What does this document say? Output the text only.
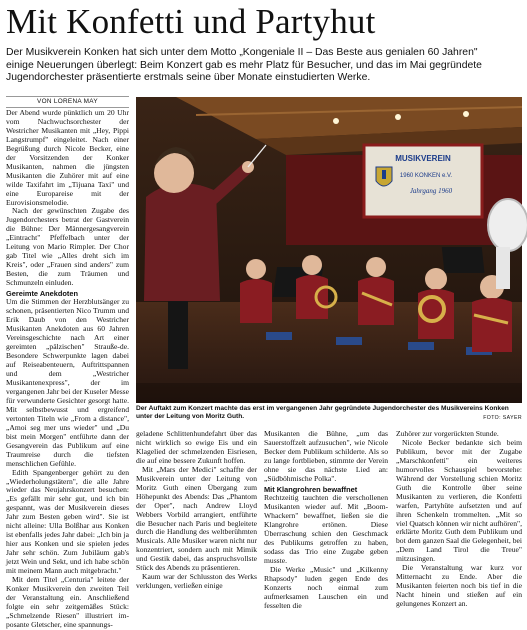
Mit Konfetti und Partyhut
Der Musikverein Konken hat sich unter dem Motto „Kongeniale II – Das Beste aus genialen 60 Jahren"
einige Neuerungen überlegt: Beim Konzert gab es mehr Platz für Besucher, und das im Mai gegründete
Jugendorchester präsentierte erstmals seine über Monate einstudierten Werke.
VON LORENA MAY

Der Abend wurde pünktlich um 20 Uhr vom Nachwuchsorchester der Westricher Musikanten mit „Hey, Pippi Langstrumpf" eingeleitet. Nach einer Begrüßung durch Nicole Becker, eine der Vorsitzenden der Konker Musikanten, nahmen die jüngsten Musikanten die Zuhörer mit auf eine wilde Taxifahrt im „Tijuana Taxi" und eine Europareise mit der Eurovisionsmelodie.

Nach der gewünschten Zugabe des Jugendorchesters betrat der Gastverein die Bühne: Der Männergesangverein „Eintracht" Pfeffelbach unter der Leitung von Mario Rimpler. Der Chor gab Titel wie „Alles dreht sich im Kreis", oder „Frauen sind anders" zum Besten, die zum Träumen und Schmunzeln einluden.

Gereimte Anekdoten

Um die Stimmen der Herzblutsänger zu schonen, präsentierten Nico Trumm und Erik Daub von den Westricher Musikanten Anekdoten aus 60 Jahren Vereinsgeschichte nach Art einer gereimten „pälzischen" Strauße-de. Besondere Schwerpunkte lagen dabei auf Reiseabenteuern, Auftrittspannen und dem „Westricher Musikantenexpress", der im vergangenen Jahr bei der Kuseler Messe für verwunderte Gesichter gesorgt hatte. Mit selbstbewusst und ergreifend vertonten Titeln wie „From a distance", „Amoi seg mer uns wieder" und „Du bist mein Morgen" entführte dann der Gesangverein das Publikum auf eine Traumreise durch die tiefsten menschlichen Gefühle.

Edith Spangenberger gehört zu den „Wiederholungstätern", die alle Jahre wieder das Neujahrskonzert besuchen: „Es gefällt mir sehr gut, und ich bin gespannt, was der Musikverein dieses Jahr zum Besten geben wird". Sie ist nicht alleine: Ulla Bolßhar aus Konken ist ebenfalls jedes Jahr dabei: „Ich bin ja hier aus Konken und sie spielen jedes Jahr sehr schön. Zum Jubiläum gab's jetzt Wein und Sekt, und ich habe schön mit meinem Mann auch mitgebracht."

Mit dem Titel „Centuria" leitete der Konker Musikverein den zweiten Teil der Veranstaltung ein. Anschließend folgte ein sehr zeitgemäßes Stück: „Schmelzende Riesen" illustriert im-posante Gletscher, eine spannungs-

geladene Schlittenhundefahrt über das nicht wirklich so ewige Eis und ein Klagelied der schmelzenden Eisriesen, die auf eine bessere Zukunft hoffen.

Mit „Mars der Medici" schaffte der Musikverein unter der Leitung von Moritz Guth einen Übergang zum Höhepunkt des Abends: Das „Phantom der Oper", nach Andrew Lloyd Webbers Vorbild arrangiert, entführte die Besucher nach Paris und begleitete durch die Handlung des weltberühmten Musicals. Alle Musiker waren nicht nur konzentriert, sondern auch mit Mimik und Gestik dabei, das anspruchsvollste Stück des Abends zu präsentieren.

Kaum war der Schlusston des Werks verklungen, verließen einige

Musikanten die Bühne, „um das Sauerstoffzelt aufzusuchen", wie Nicole Becker dem Publikum schilderte. Als so zu lange fortblieben, stimmte der Verein ohne sie das nächste Lied an: „Südböhmische Polka".

Mit Klangrohren bewaffnet

Rechtzeitig tauchten die verschollenen Musikanten wieder auf. Mit „Boom-Whackern" bewaffnet, ließen sie die Klangrohre ertönen. Diese Überraschung schien den Geschmack des Publikums getroffen zu haben, sodass das Trio eine Zugabe geben musste.

Die Werke „Music" und „Kilkenny Rhapsody" luden gegen Ende des Konzerts noch einmal zum aufmerksamen Lauschen ein und fesselten die

Zuhörer zur vorgerückten Stunde.

Nicole Becker bedankte sich beim Publikum, bevor mit der Zugabe „Marschkonfetti" ein weiteres humorvolles Schauspiel bevorstehe: Während der Vorstellung schien Moritz Guth die Kontrolle über seine Musikanten zu verlieren, die Konfetti warfen, Partyhüte aufsetzten und auf ihren Schenkeln trommelten. „Mit so viel Quatsch können wir nicht aufhören", erklärte Moritz Guth dem Publikum und bot dem ganzen Saal die Gelegenheit, bei „Dem Land Tirol die Treue" mitzusingen.

Die Veranstaltung war kurz vor Mitternacht zu Ende. Aber die Musikanten feierten noch bis tief in die Nacht hinein und stießen auf ein gelungenes Konzert an.

MUSIKVEREIN
1960 KONKEN e.V.
Jahrgang 1960
Der Auftakt zum Konzert machte das erst im vergangenen Jahr gegründete Jugendorchester des Musikvereins Konken unter der Leitung von Moritz Guth.	FOTO: SAYER
